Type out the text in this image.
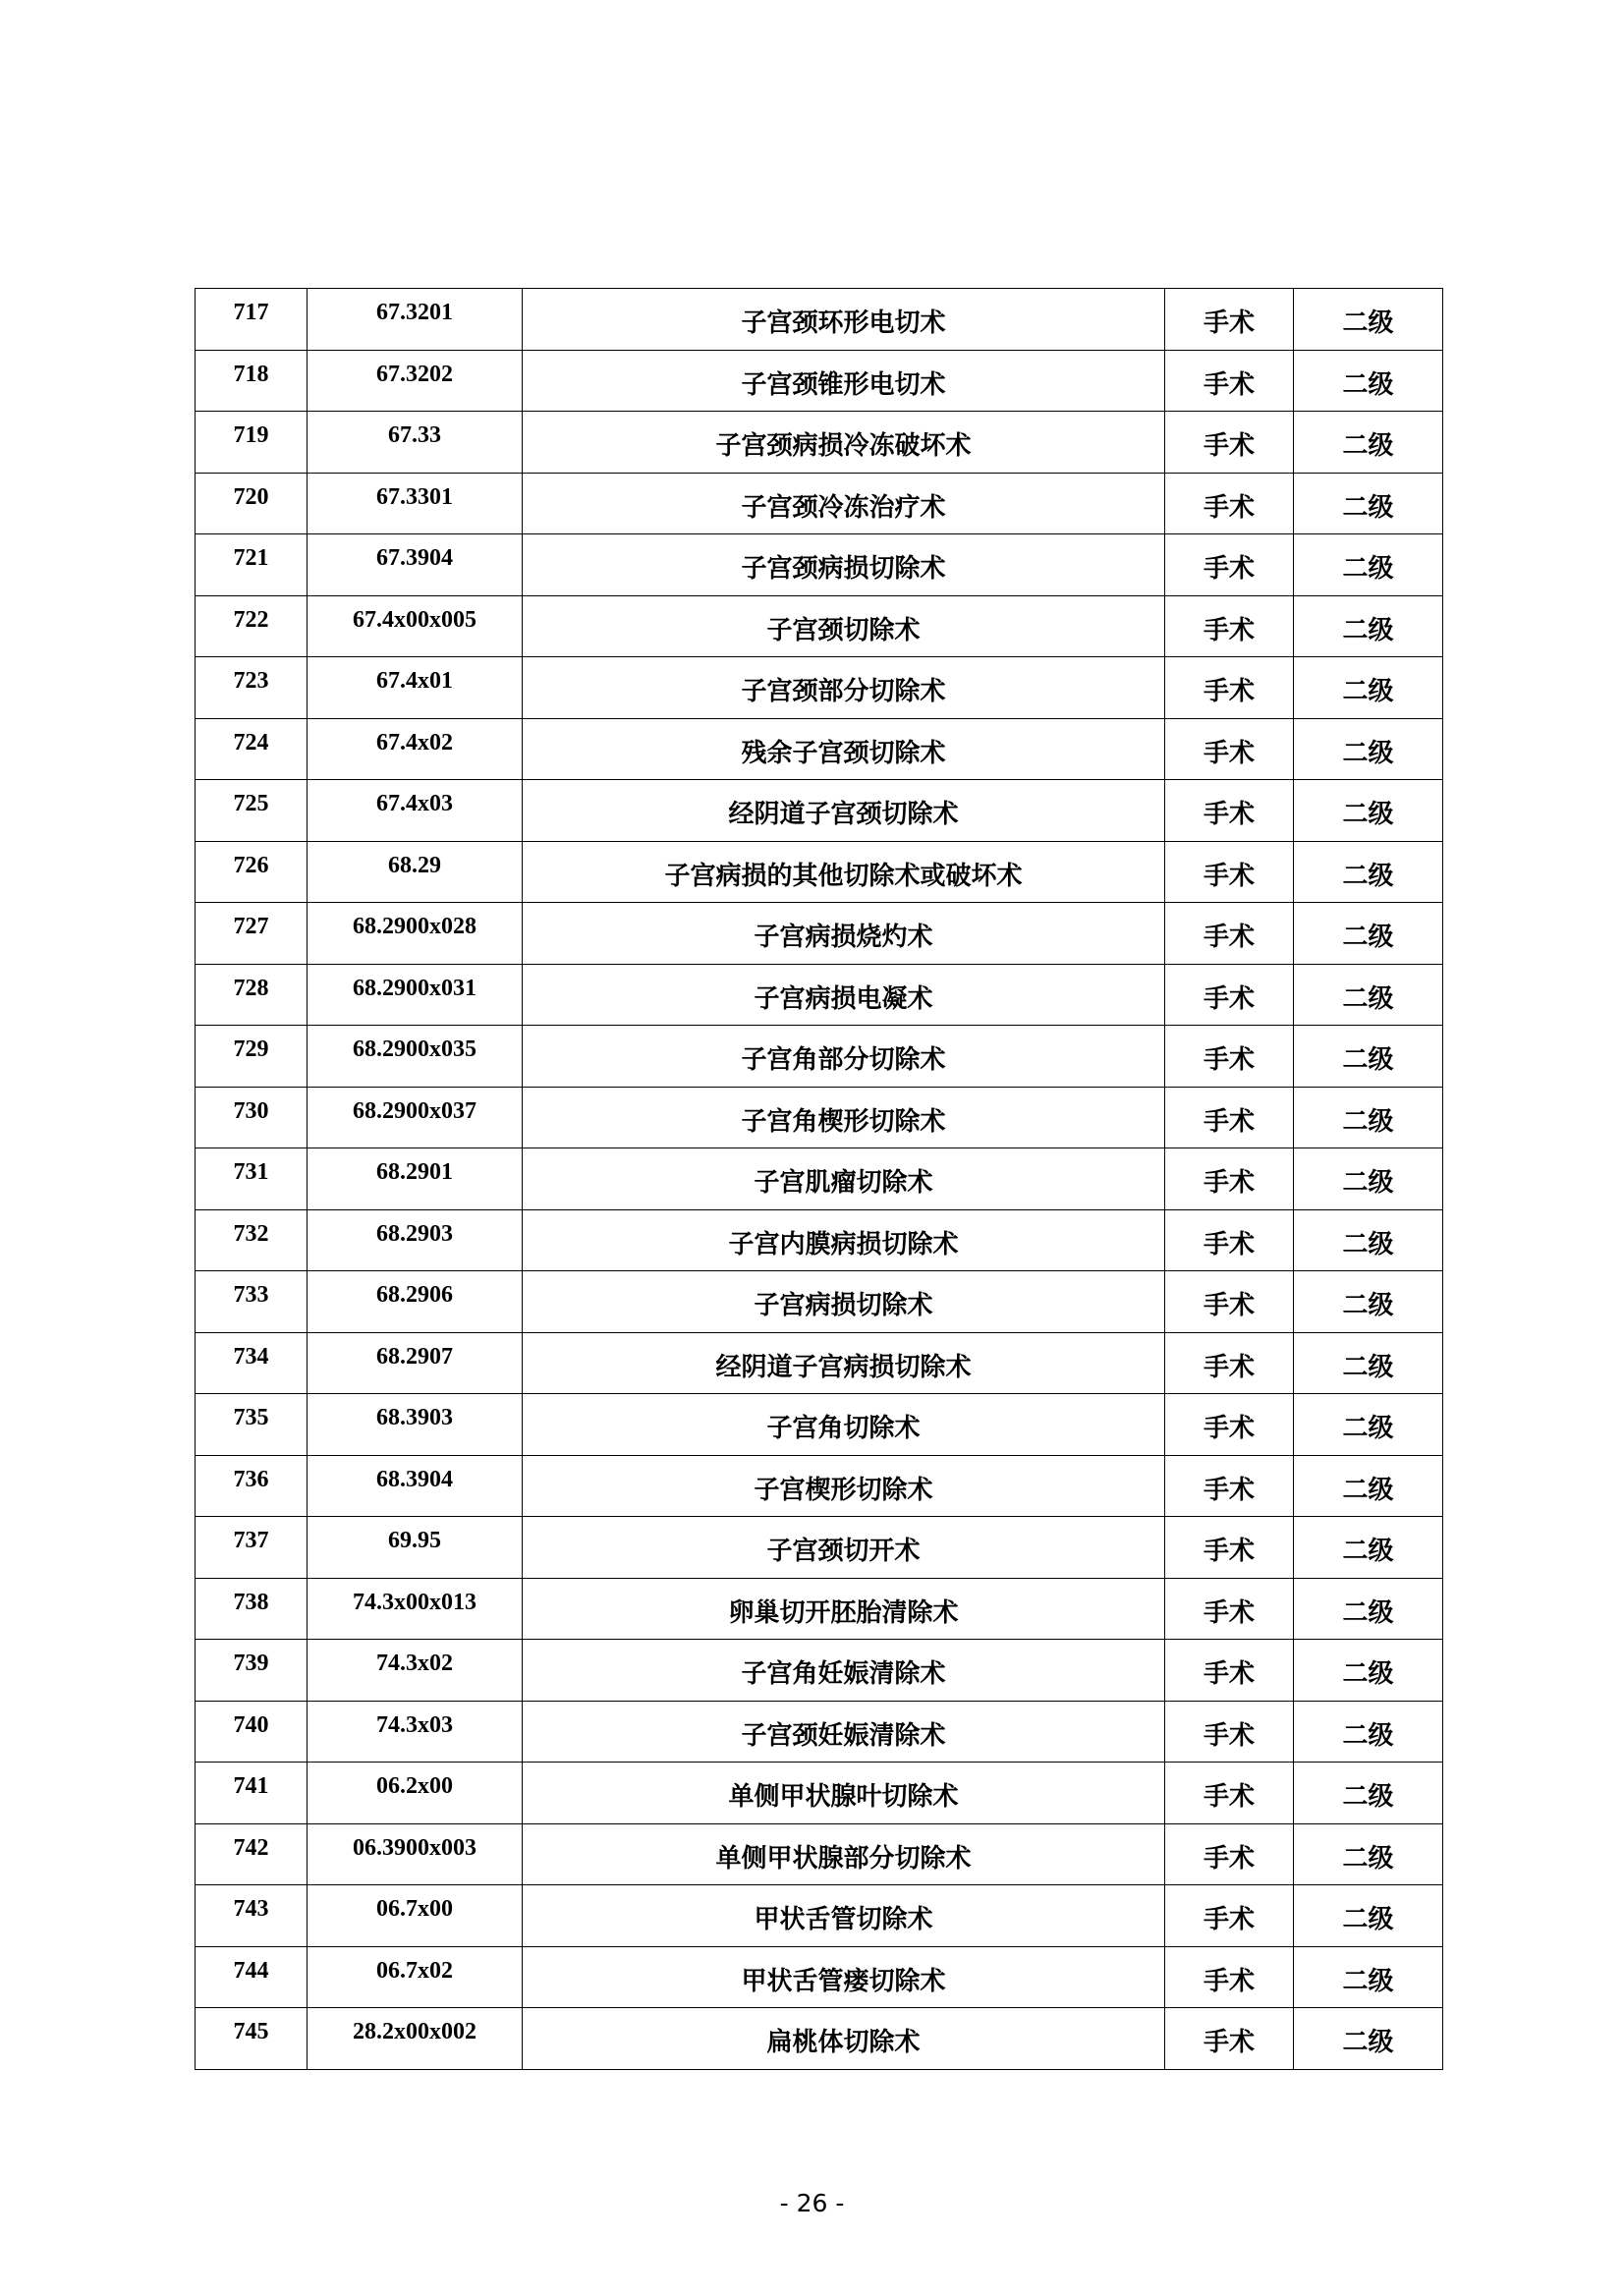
717	67.3201	子宫颈环形电切术	手术	二级
718	67.3202	子宫颈锥形电切术	手术	二级
719	67.33	子宫颈病损冷冻破坏术	手术	二级
720	67.3301	子宫颈冷冻治疗术	手术	二级
721	67.3904	子宫颈病损切除术	手术	二级
722	67.4x00x005	子宫颈切除术	手术	二级
723	67.4x01	子宫颈部分切除术	手术	二级
724	67.4x02	残余子宫颈切除术	手术	二级
725	67.4x03	经阴道子宫颈切除术	手术	二级
726	68.29	子宫病损的其他切除术或破坏术	手术	二级
727	68.2900x028	子宫病损烧灼术	手术	二级
728	68.2900x031	子宫病损电凝术	手术	二级
729	68.2900x035	子宫角部分切除术	手术	二级
730	68.2900x037	子宫角楔形切除术	手术	二级
731	68.2901	子宫肌瘤切除术	手术	二级
732	68.2903	子宫内膜病损切除术	手术	二级
733	68.2906	子宫病损切除术	手术	二级
734	68.2907	经阴道子宫病损切除术	手术	二级
735	68.3903	子宫角切除术	手术	二级
736	68.3904	子宫楔形切除术	手术	二级
737	69.95	子宫颈切开术	手术	二级
738	74.3x00x013	卵巢切开胚胎清除术	手术	二级
739	74.3x02	子宫角妊娠清除术	手术	二级
740	74.3x03	子宫颈妊娠清除术	手术	二级
741	06.2x00	单侧甲状腺叶切除术	手术	二级
742	06.3900x003	单侧甲状腺部分切除术	手术	二级
743	06.7x00	甲状舌管切除术	手术	二级
744	06.7x02	甲状舌管瘘切除术	手术	二级
745	28.2x00x002	扁桃体切除术	手术	二级
- 26 -
